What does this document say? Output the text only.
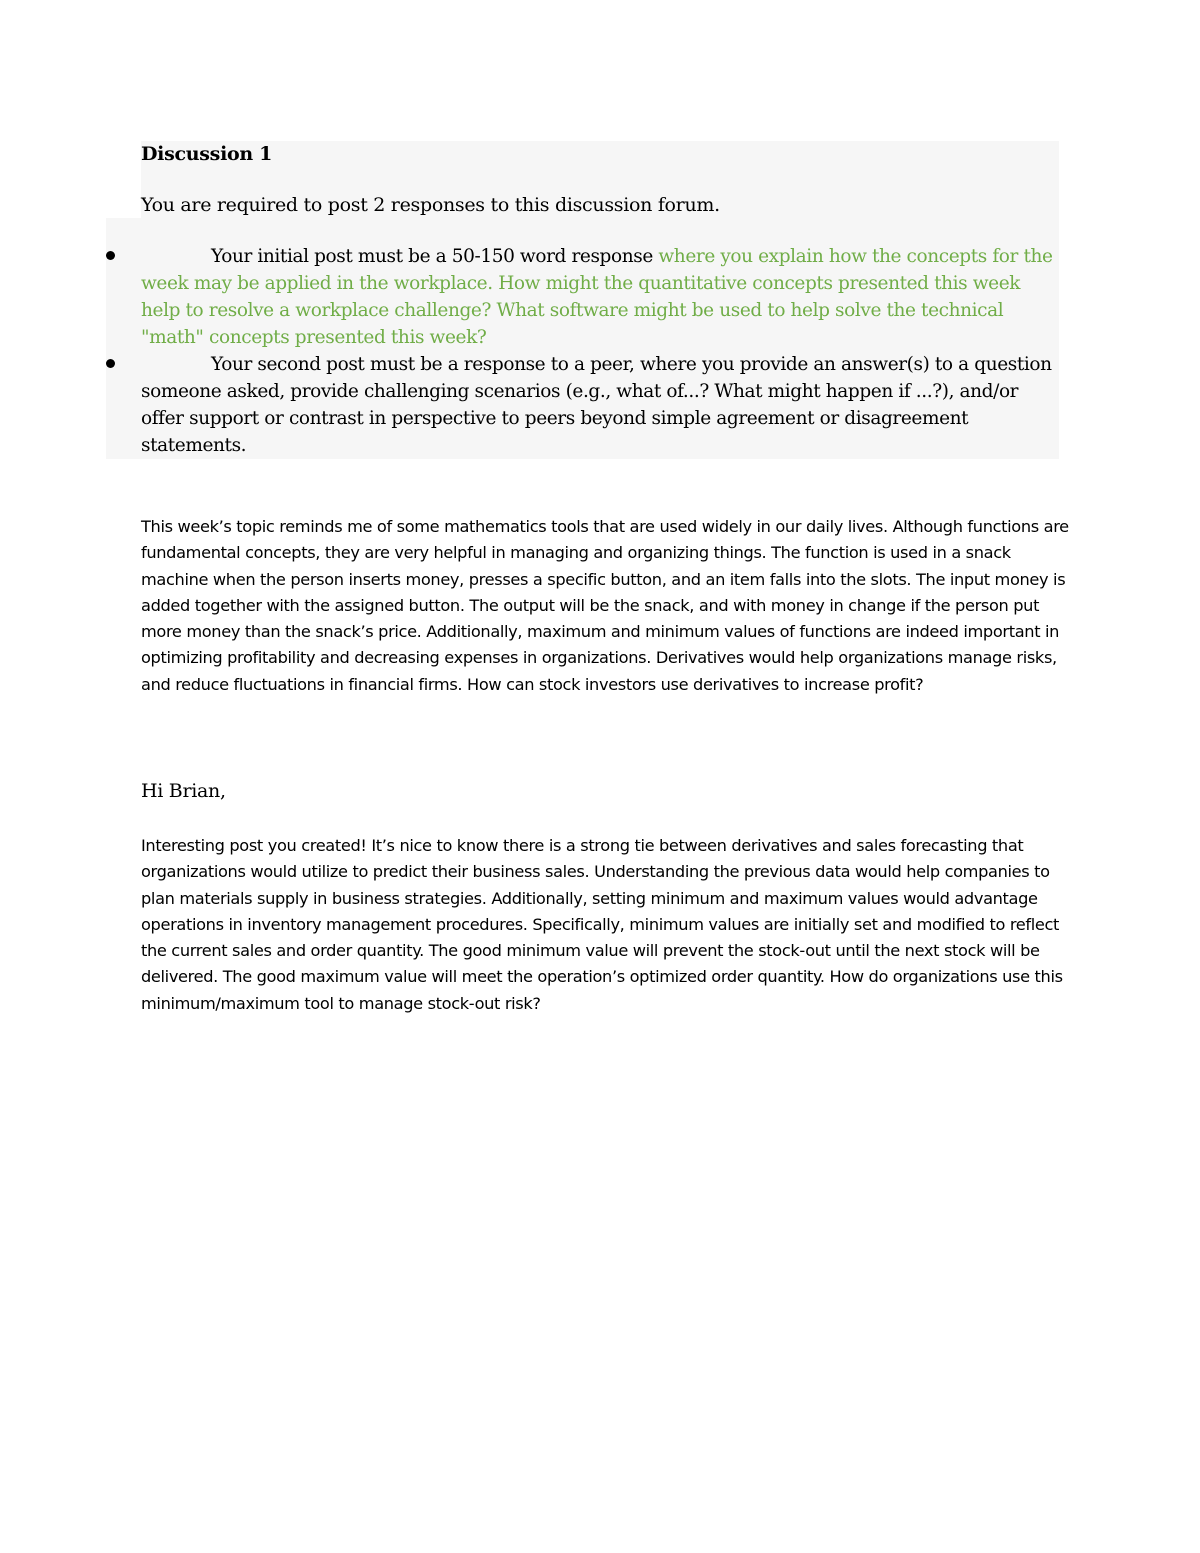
Discussion 1
You are required to post 2 responses to this discussion forum.
Your initial post must be a 50-150 word response where you explain how the concepts for the week may be applied in the workplace. How might the quantitative concepts presented this week help to resolve a workplace challenge? What software might be used to help solve the technical "math" concepts presented this week?
Your second post must be a response to a peer, where you provide an answer(s) to a question someone asked, provide challenging scenarios (e.g., what of...? What might happen if ...?), and/or offer support or contrast in perspective to peers beyond simple agreement or disagreement statements.

This week’s topic reminds me of some mathematics tools that are used widely in our daily lives. Although functions are fundamental concepts, they are very helpful in managing and organizing things. The function is used in a snack machine when the person inserts money, presses a specific button, and an item falls into the slots. The input money is added together with the assigned button. The output will be the snack, and with money in change if the person put more money than the snack’s price. Additionally, maximum and minimum values of functions are indeed important in optimizing profitability and decreasing expenses in organizations. Derivatives would help organizations manage risks, and reduce fluctuations in financial firms. How can stock investors use derivatives to increase profit?

Hi Brian,

Interesting post you created! It’s nice to know there is a strong tie between derivatives and sales forecasting that organizations would utilize to predict their business sales. Understanding the previous data would help companies to plan materials supply in business strategies. Additionally, setting minimum and maximum values would advantage operations in inventory management procedures. Specifically, minimum values are initially set and modified to reflect the current sales and order quantity. The good minimum value will prevent the stock-out until the next stock will be delivered. The good maximum value will meet the operation’s optimized order quantity. How do organizations use this minimum/maximum tool to manage stock-out risk?
